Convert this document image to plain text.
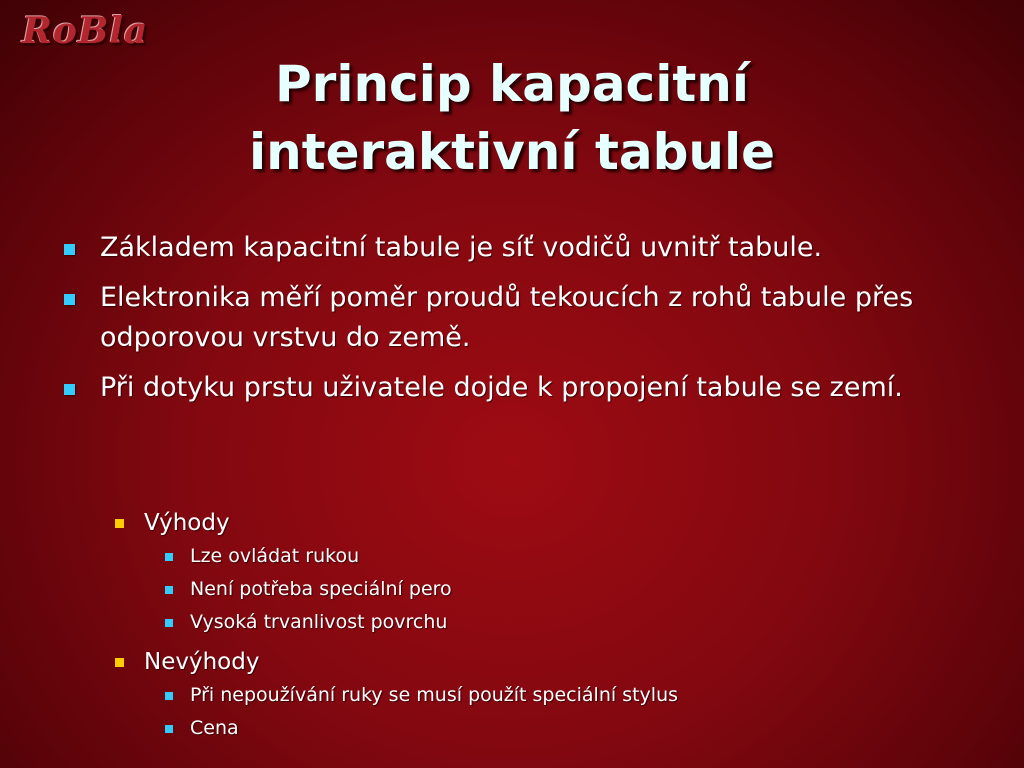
RoBla
Princip kapacitní
interaktivní tabule
Základem kapacitní tabule je síť vodičů uvnitř tabule.
Elektronika měří poměr proudů tekoucích z rohů tabule přes odporovou vrstvu do země.
Při dotyku prstu uživatele dojde k propojení tabule se zemí.
Výhody
Lze ovládat rukou
Není potřeba speciální pero
Vysoká trvanlivost povrchu
Nevýhody
Při nepoužívání ruky se musí použít speciální stylus
Cena
